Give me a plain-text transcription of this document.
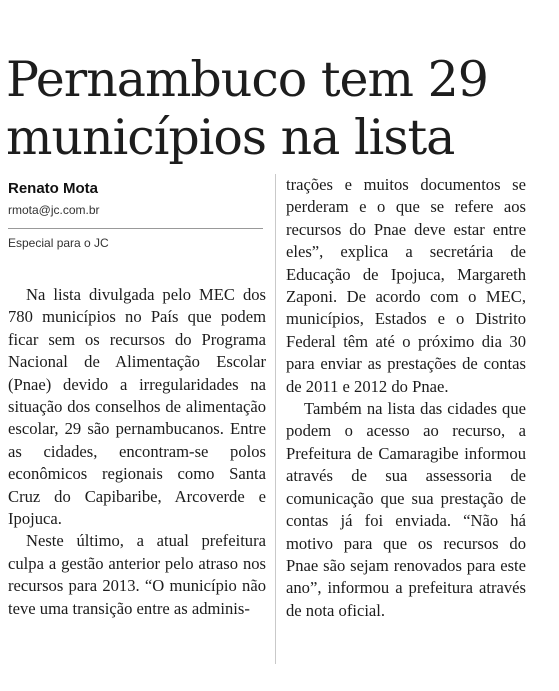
Pernambuco tem 29 municípios na lista
Renato Mota
rmota@jc.com.br
Especial para o JC

Na lista divulgada pelo MEC dos 780 municípios no País que podem ficar sem os recursos do Programa Nacional de Alimentação Escolar (Pnae) devido a irregularidades na situação dos conselhos de alimentação escolar, 29 são pernambucanos. Entre as cidades, encontram-se polos econômicos regionais como Santa Cruz do Capibaribe, Arcoverde e Ipojuca.

Neste último, a atual prefeitura culpa a gestão anterior pelo atraso nos recursos para 2013. “O município não teve uma transição entre as adminis-

trações e muitos documentos se perderam e o que se refere aos recursos do Pnae deve estar entre eles”, explica a secretária de Educação de Ipojuca, Margareth Zaponi. De acordo com o MEC, municípios, Estados e o Distrito Federal têm até o próximo dia 30 para enviar as prestações de contas de 2011 e 2012 do Pnae.

Também na lista das cidades que podem o acesso ao recurso, a Prefeitura de Camaragibe informou através de sua assessoria de comunicação que sua prestação de contas já foi enviada. “Não há motivo para que os recursos do Pnae são sejam renovados para este ano”, informou a prefeitura através de nota oficial.
